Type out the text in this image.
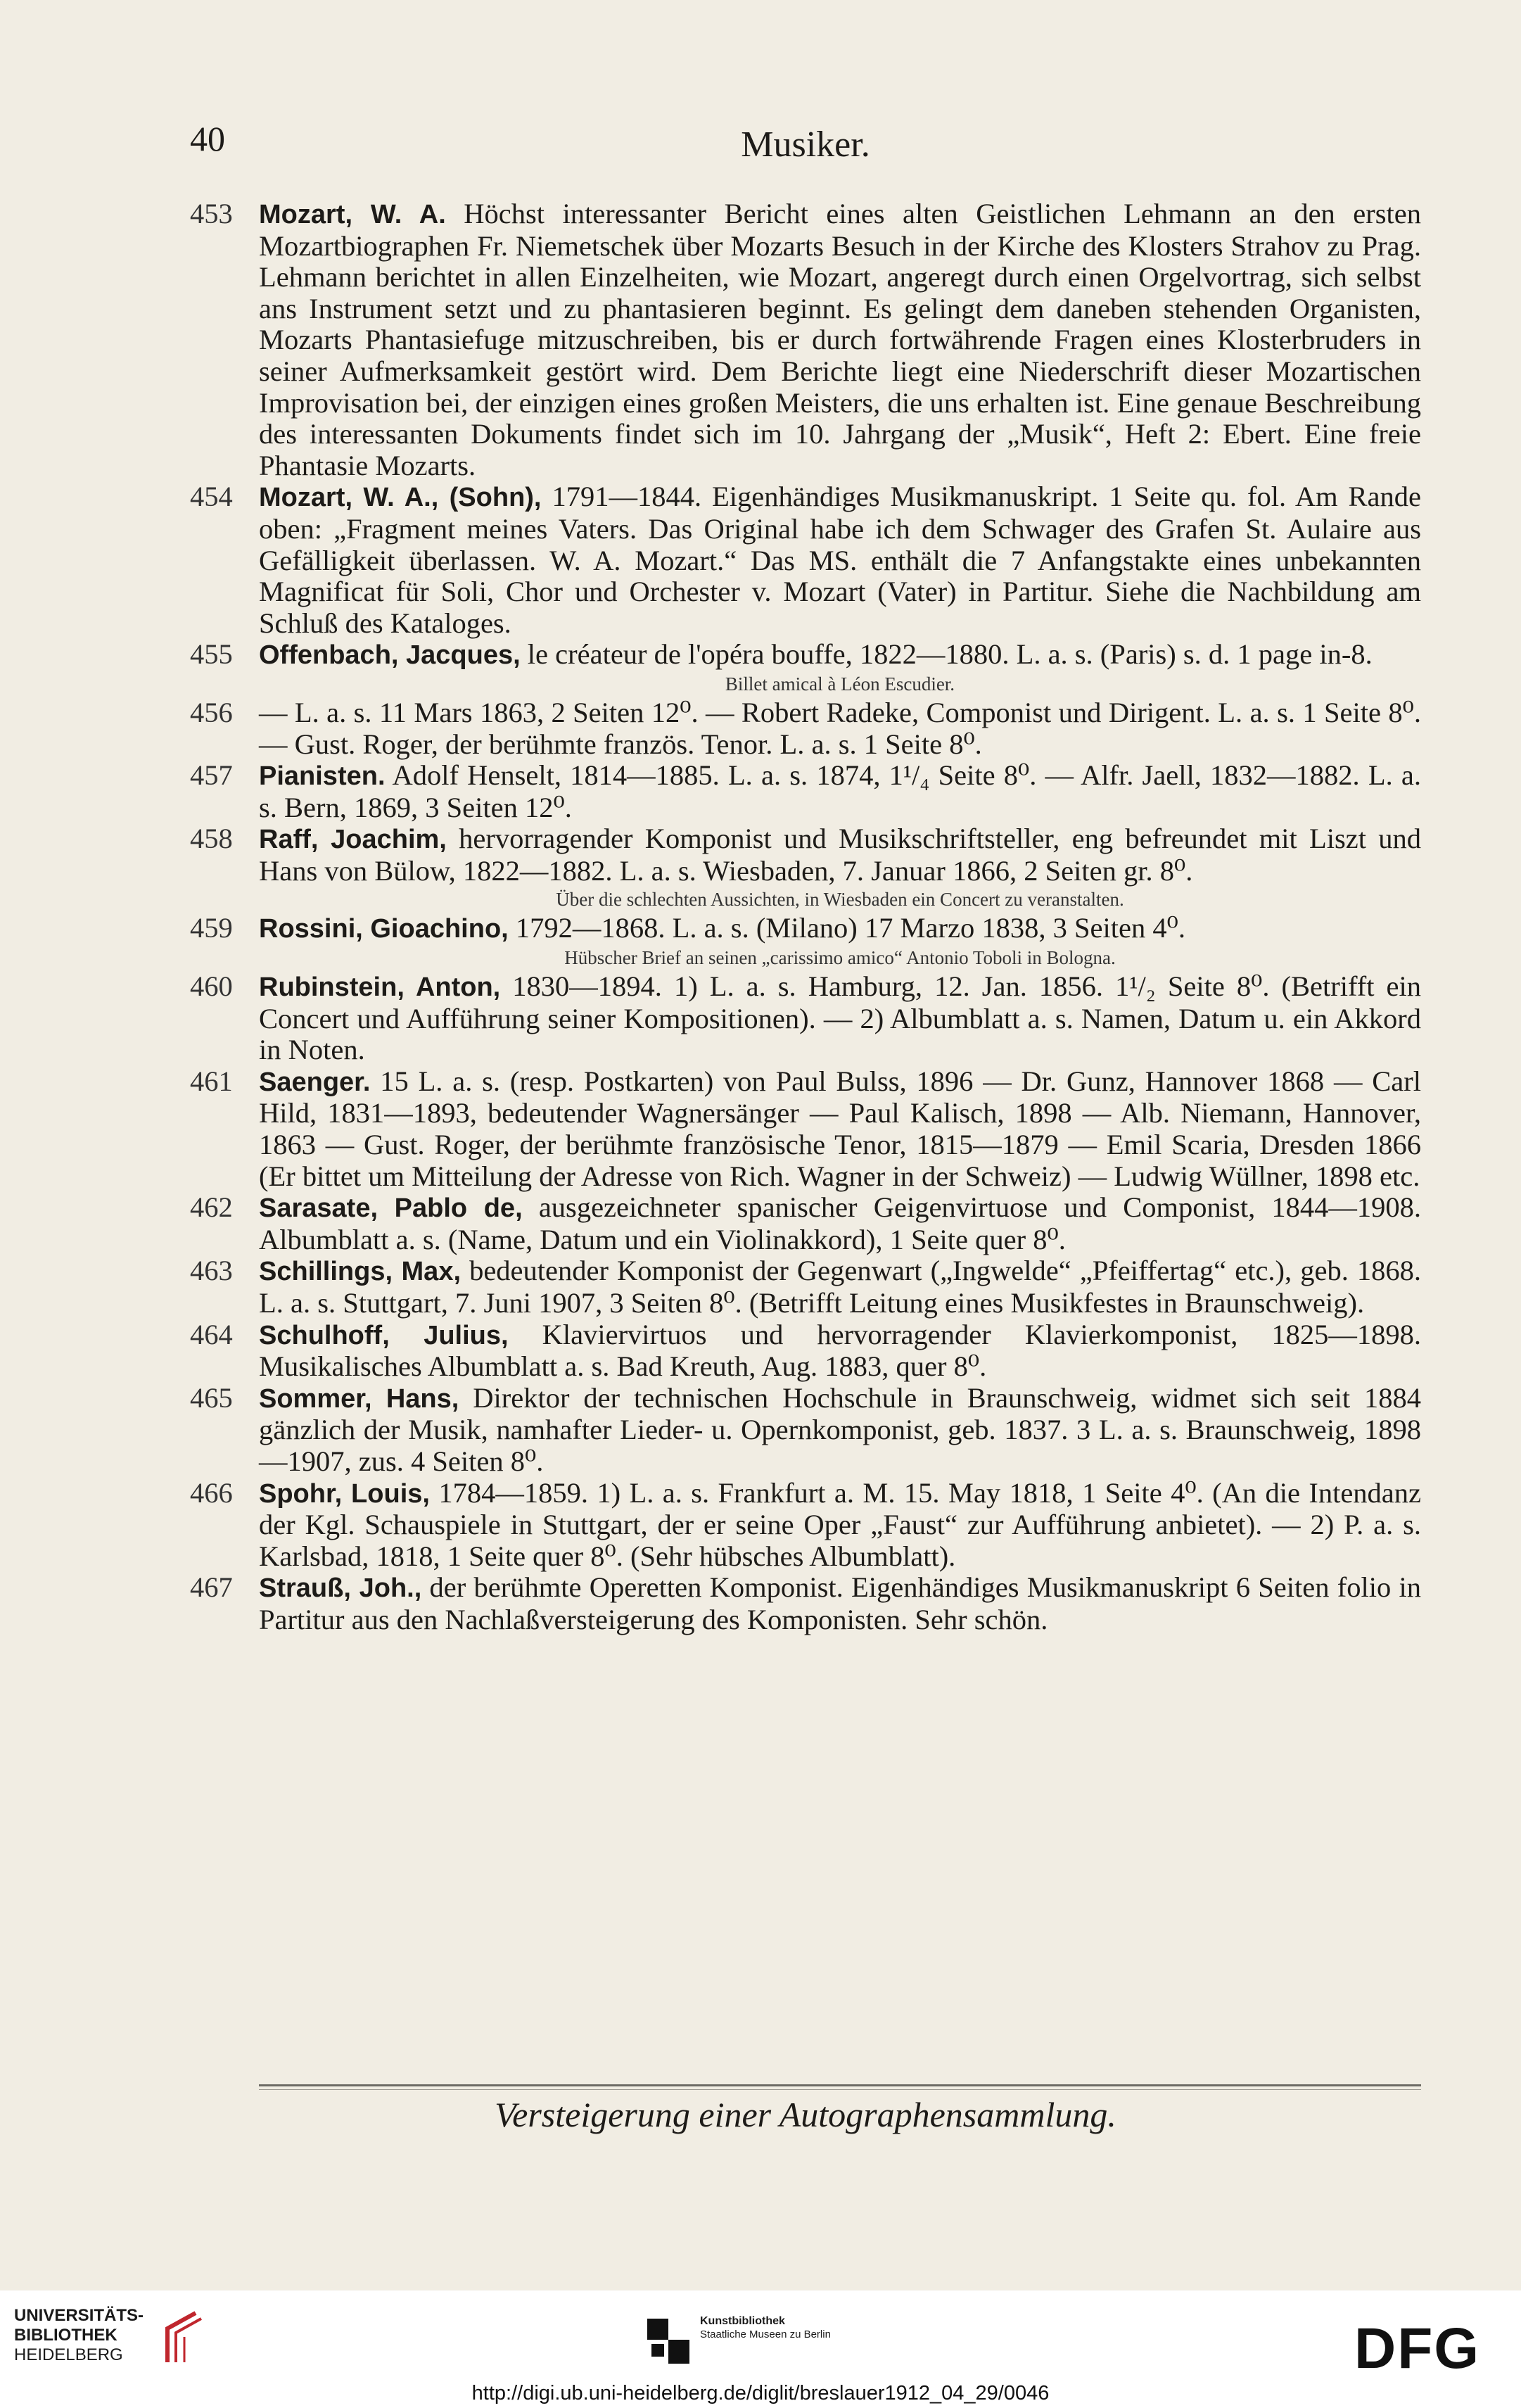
40	Musiker.
453 Mozart, W. A. Höchst interessanter Bericht eines alten Geistlichen Lehmann an den ersten Mozartbiographen Fr. Niemetschek über Mozarts Besuch in der Kirche des Klosters Strahov zu Prag. Lehmann berichtet in allen Einzelheiten, wie Mozart, angeregt durch einen Orgelvortrag, sich selbst ans Instrument setzt und zu phantasieren beginnt. Es gelingt dem daneben stehenden Organisten, Mozarts Phantasiefuge mitzuschreiben, bis er durch fortwährende Fragen eines Klosterbruders in seiner Aufmerksamkeit gestört wird. Dem Berichte liegt eine Niederschrift dieser Mozartischen Improvisation bei, der einzigen eines großen Meisters, die uns erhalten ist. Eine genaue Beschreibung des interessanten Dokuments findet sich im 10. Jahrgang der „Musik“, Heft 2: Ebert. Eine freie Phantasie Mozarts.
454 Mozart, W. A., (Sohn), 1791—1844. Eigenhändiges Musikmanuskript. 1 Seite qu. fol. Am Rande oben: „Fragment meines Vaters. Das Original habe ich dem Schwager des Grafen St. Aulaire aus Gefälligkeit überlassen. W. A. Mozart.“ Das MS. enthält die 7 Anfangstakte eines unbekannten Magnificat für Soli, Chor und Orchester v. Mozart (Vater) in Partitur. Siehe die Nachbildung am Schluß des Kataloges.
455 Offenbach, Jacques, le créateur de l'opéra bouffe, 1822—1880. L. a. s. (Paris) s. d. 1 page in-8.
Billet amical à Léon Escudier.
456 — L. a. s. 11 Mars 1863, 2 Seiten 12⁰. — Robert Radeke, Componist und Dirigent. L. a. s. 1 Seite 8⁰. — Gust. Roger, der berühmte französ. Tenor. L. a. s. 1 Seite 8⁰.
457 Pianisten. Adolf Henselt, 1814—1885. L. a. s. 1874, 1¹/₄ Seite 8⁰. — Alfr. Jaell, 1832—1882. L. a. s. Bern, 1869, 3 Seiten 12⁰.
458 Raff, Joachim, hervorragender Komponist und Musikschriftsteller, eng befreundet mit Liszt und Hans von Bülow, 1822—1882. L. a. s. Wiesbaden, 7. Januar 1866, 2 Seiten gr. 8⁰.
Über die schlechten Aussichten, in Wiesbaden ein Concert zu veranstalten.
459 Rossini, Gioachino, 1792—1868. L. a. s. (Milano) 17 Marzo 1838, 3 Seiten 4⁰.
Hübscher Brief an seinen „carissimo amico“ Antonio Toboli in Bologna.
460 Rubinstein, Anton, 1830—1894. 1) L. a. s. Hamburg, 12. Jan. 1856. 1¹/₂ Seite 8⁰. (Betrifft ein Concert und Aufführung seiner Kompositionen). — 2) Albumblatt a. s. Namen, Datum u. ein Akkord in Noten.
461 Saenger. 15 L. a. s. (resp. Postkarten) von Paul Bulss, 1896 — Dr. Gunz, Hannover 1868 — Carl Hild, 1831—1893, bedeutender Wagnersänger — Paul Kalisch, 1898 — Alb. Niemann, Hannover, 1863 — Gust. Roger, der berühmte französische Tenor, 1815—1879 — Emil Scaria, Dresden 1866 (Er bittet um Mitteilung der Adresse von Rich. Wagner in der Schweiz) — Ludwig Wüllner, 1898 etc.
462 Sarasate, Pablo de, ausgezeichneter spanischer Geigenvirtuose und Componist, 1844—1908. Albumblatt a. s. (Name, Datum und ein Violinakkord), 1 Seite quer 8⁰.
463 Schillings, Max, bedeutender Komponist der Gegenwart („Ingwelde“ „Pfeiffertag“ etc.), geb. 1868. L. a. s. Stuttgart, 7. Juni 1907, 3 Seiten 8⁰. (Betrifft Leitung eines Musikfestes in Braunschweig).
464 Schulhoff, Julius, Klaviervirtuos und hervorragender Klavierkomponist, 1825—1898. Musikalisches Albumblatt a. s. Bad Kreuth, Aug. 1883, quer 8⁰.
465 Sommer, Hans, Direktor der technischen Hochschule in Braunschweig, widmet sich seit 1884 gänzlich der Musik, namhafter Lieder- u. Opernkomponist, geb. 1837. 3 L. a. s. Braunschweig, 1898—1907, zus. 4 Seiten 8⁰.
466 Spohr, Louis, 1784—1859. 1) L. a. s. Frankfurt a. M. 15. May 1818, 1 Seite 4⁰. (An die Intendanz der Kgl. Schauspiele in Stuttgart, der er seine Oper „Faust“ zur Aufführung anbietet). — 2) P. a. s. Karlsbad, 1818, 1 Seite quer 8⁰. (Sehr hübsches Albumblatt).
467 Strauß, Joh., der berühmte Operetten Komponist. Eigenhändiges Musikmanuskript 6 Seiten folio in Partitur aus den Nachlaßversteigerung des Komponisten. Sehr schön.
Versteigerung einer Autographensammlung.
UNIVERSITÄTS-
BIBLIOTHEK
HEIDELBERG
Kunstbibliothek
Staatliche Museen zu Berlin	DFG
http://digi.ub.uni-heidelberg.de/diglit/breslauer1912_04_29/0046
